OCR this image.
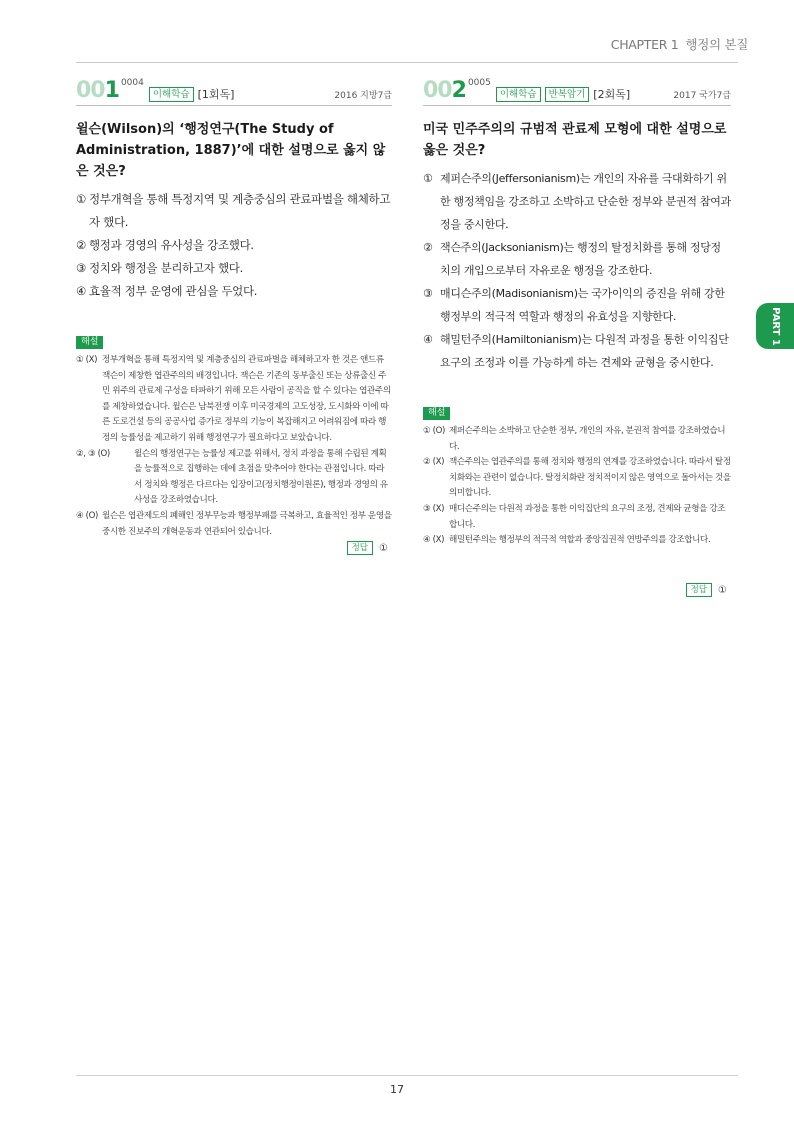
CHAPTER 1 행정의 본질
001 0004
이해학습 [1회독]	2016 지방7급
윌슨(Wilson)의 ‘행정연구(The Study of Administration, 1887)’에 대한 설명으로 옳지 않은 것은?
① 정부개혁을 통해 특정지역 및 계층중심의 관료파벌을 해체하고자 했다.
② 행정과 경영의 유사성을 강조했다.
③ 정치와 행정을 분리하고자 했다.
④ 효율적 정부 운영에 관심을 두었다.
해설
① (X) 정부개혁을 통해 특정지역 및 계층중심의 관료파벌을 해체하고자 한 것은 앤드류 잭슨이 제창한 엽관주의의 배경입니다. 잭슨은 기존의 동부출신 또는 상류출신 주민 위주의 관료제 구성을 타파하기 위해 모든 사람이 공직을 할 수 있다는 엽관주의를 제창하였습니다. 윌슨은 남북전쟁 이후 미국경제의 고도성장, 도시화와 이에 따른 도로건설 등의 공공사업 증가로 정부의 기능이 복잡해지고 어려워짐에 따라 행정의 능률성을 제고하기 위해 행정연구가 필요하다고 보았습니다.
②, ③ (O)	윌슨의 행정연구는 능률성 제고를 위해서, 정치 과정을 통해 수립된 계획을 능률적으로 집행하는 데에 초점을 맞추어야 한다는 관점입니다. 따라서 정치와 행정은 다르다는 입장이고(정치행정이원론), 행정과 경영의 유사성을 강조하였습니다.
④ (O) 윌슨은 엽관제도의 폐해인 정부무능과 행정부패를 극복하고, 효율적인 정부 운영을 중시한 진보주의 개혁운동과 연관되어 있습니다.
정답	①
002 0005
이해학습	반복암기 [2회독]	2017 국가7급
미국 민주주의의 규범적 관료제 모형에 대한 설명으로 옳은 것은?
① 제퍼슨주의(Jeffersonianism)는 개인의 자유를 극대화하기 위한 행정책임을 강조하고 소박하고 단순한 정부와 분권적 참여과정을 중시한다.
② 잭슨주의(Jacksonianism)는 행정의 탈정치화를 통해 정당정치의 개입으로부터 자유로운 행정을 강조한다.
③ 매디슨주의(Madisonianism)는 국가이익의 증진을 위해 강한 행정부의 적극적 역할과 행정의 유효성을 지향한다.
④ 해밀턴주의(Hamiltonianism)는 다원적 과정을 통한 이익집단 요구의 조정과 이를 가능하게 하는 견제와 균형을 중시한다.
해설
① (O) 제퍼슨주의는 소박하고 단순한 정부, 개인의 자유, 분권적 참여를 강조하였습니다.
② (X) 잭슨주의는 엽관주의를 통해 정치와 행정의 연계를 강조하였습니다. 따라서 탈정치화와는 관련이 없습니다. 탈정치화란 정치적이지 않은 영역으로 돌아서는 것을 의미합니다.
③ (X) 매디슨주의는 다원적 과정을 통한 이익집단의 요구의 조정, 견제와 균형을 강조합니다.
④ (X) 해밀턴주의는 행정부의 적극적 역할과 중앙집권적 연방주의를 강조합니다.
정답	①
PART 1
17
